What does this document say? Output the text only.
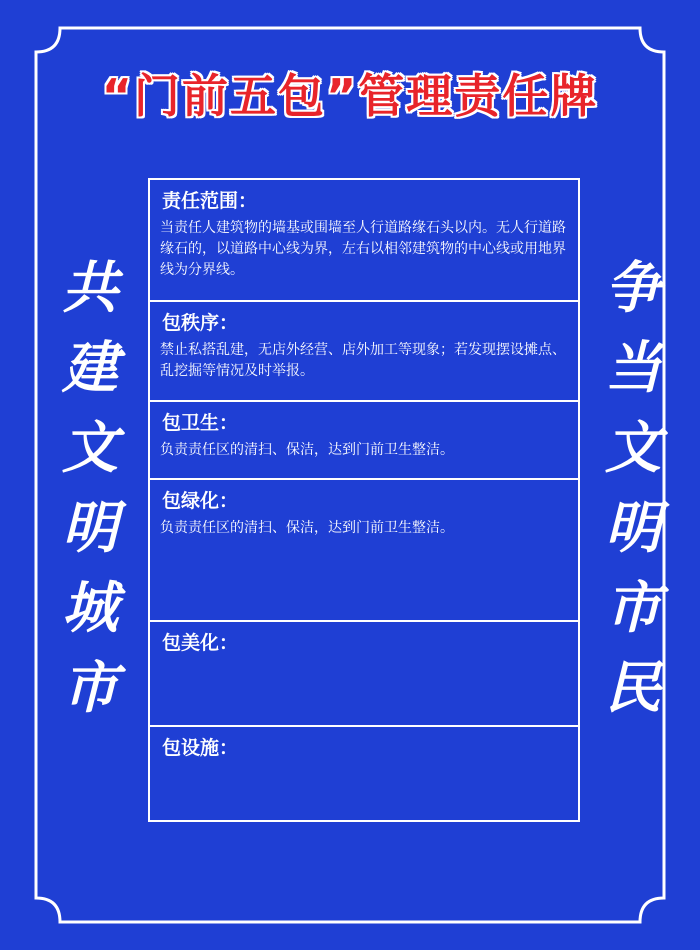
“门前五包”管理责任牌
共
建
文
明
城
市
争
当
文
明
市
民
责任范围：
当责任人建筑物的墙基或围墙至人行道路缘石头以内。无人行道路缘石的，以道路中心线为界，左右以相邻建筑物的中心线或用地界线为分界线。
包秩序：
禁止私搭乱建，无店外经营、店外加工等现象；若发现摆设摊点、乱挖掘等情况及时举报。
包卫生：
负责责任区的清扫、保洁，达到门前卫生整洁。
包绿化：
负责责任区的清扫、保洁，达到门前卫生整洁。
包美化：
包设施：
